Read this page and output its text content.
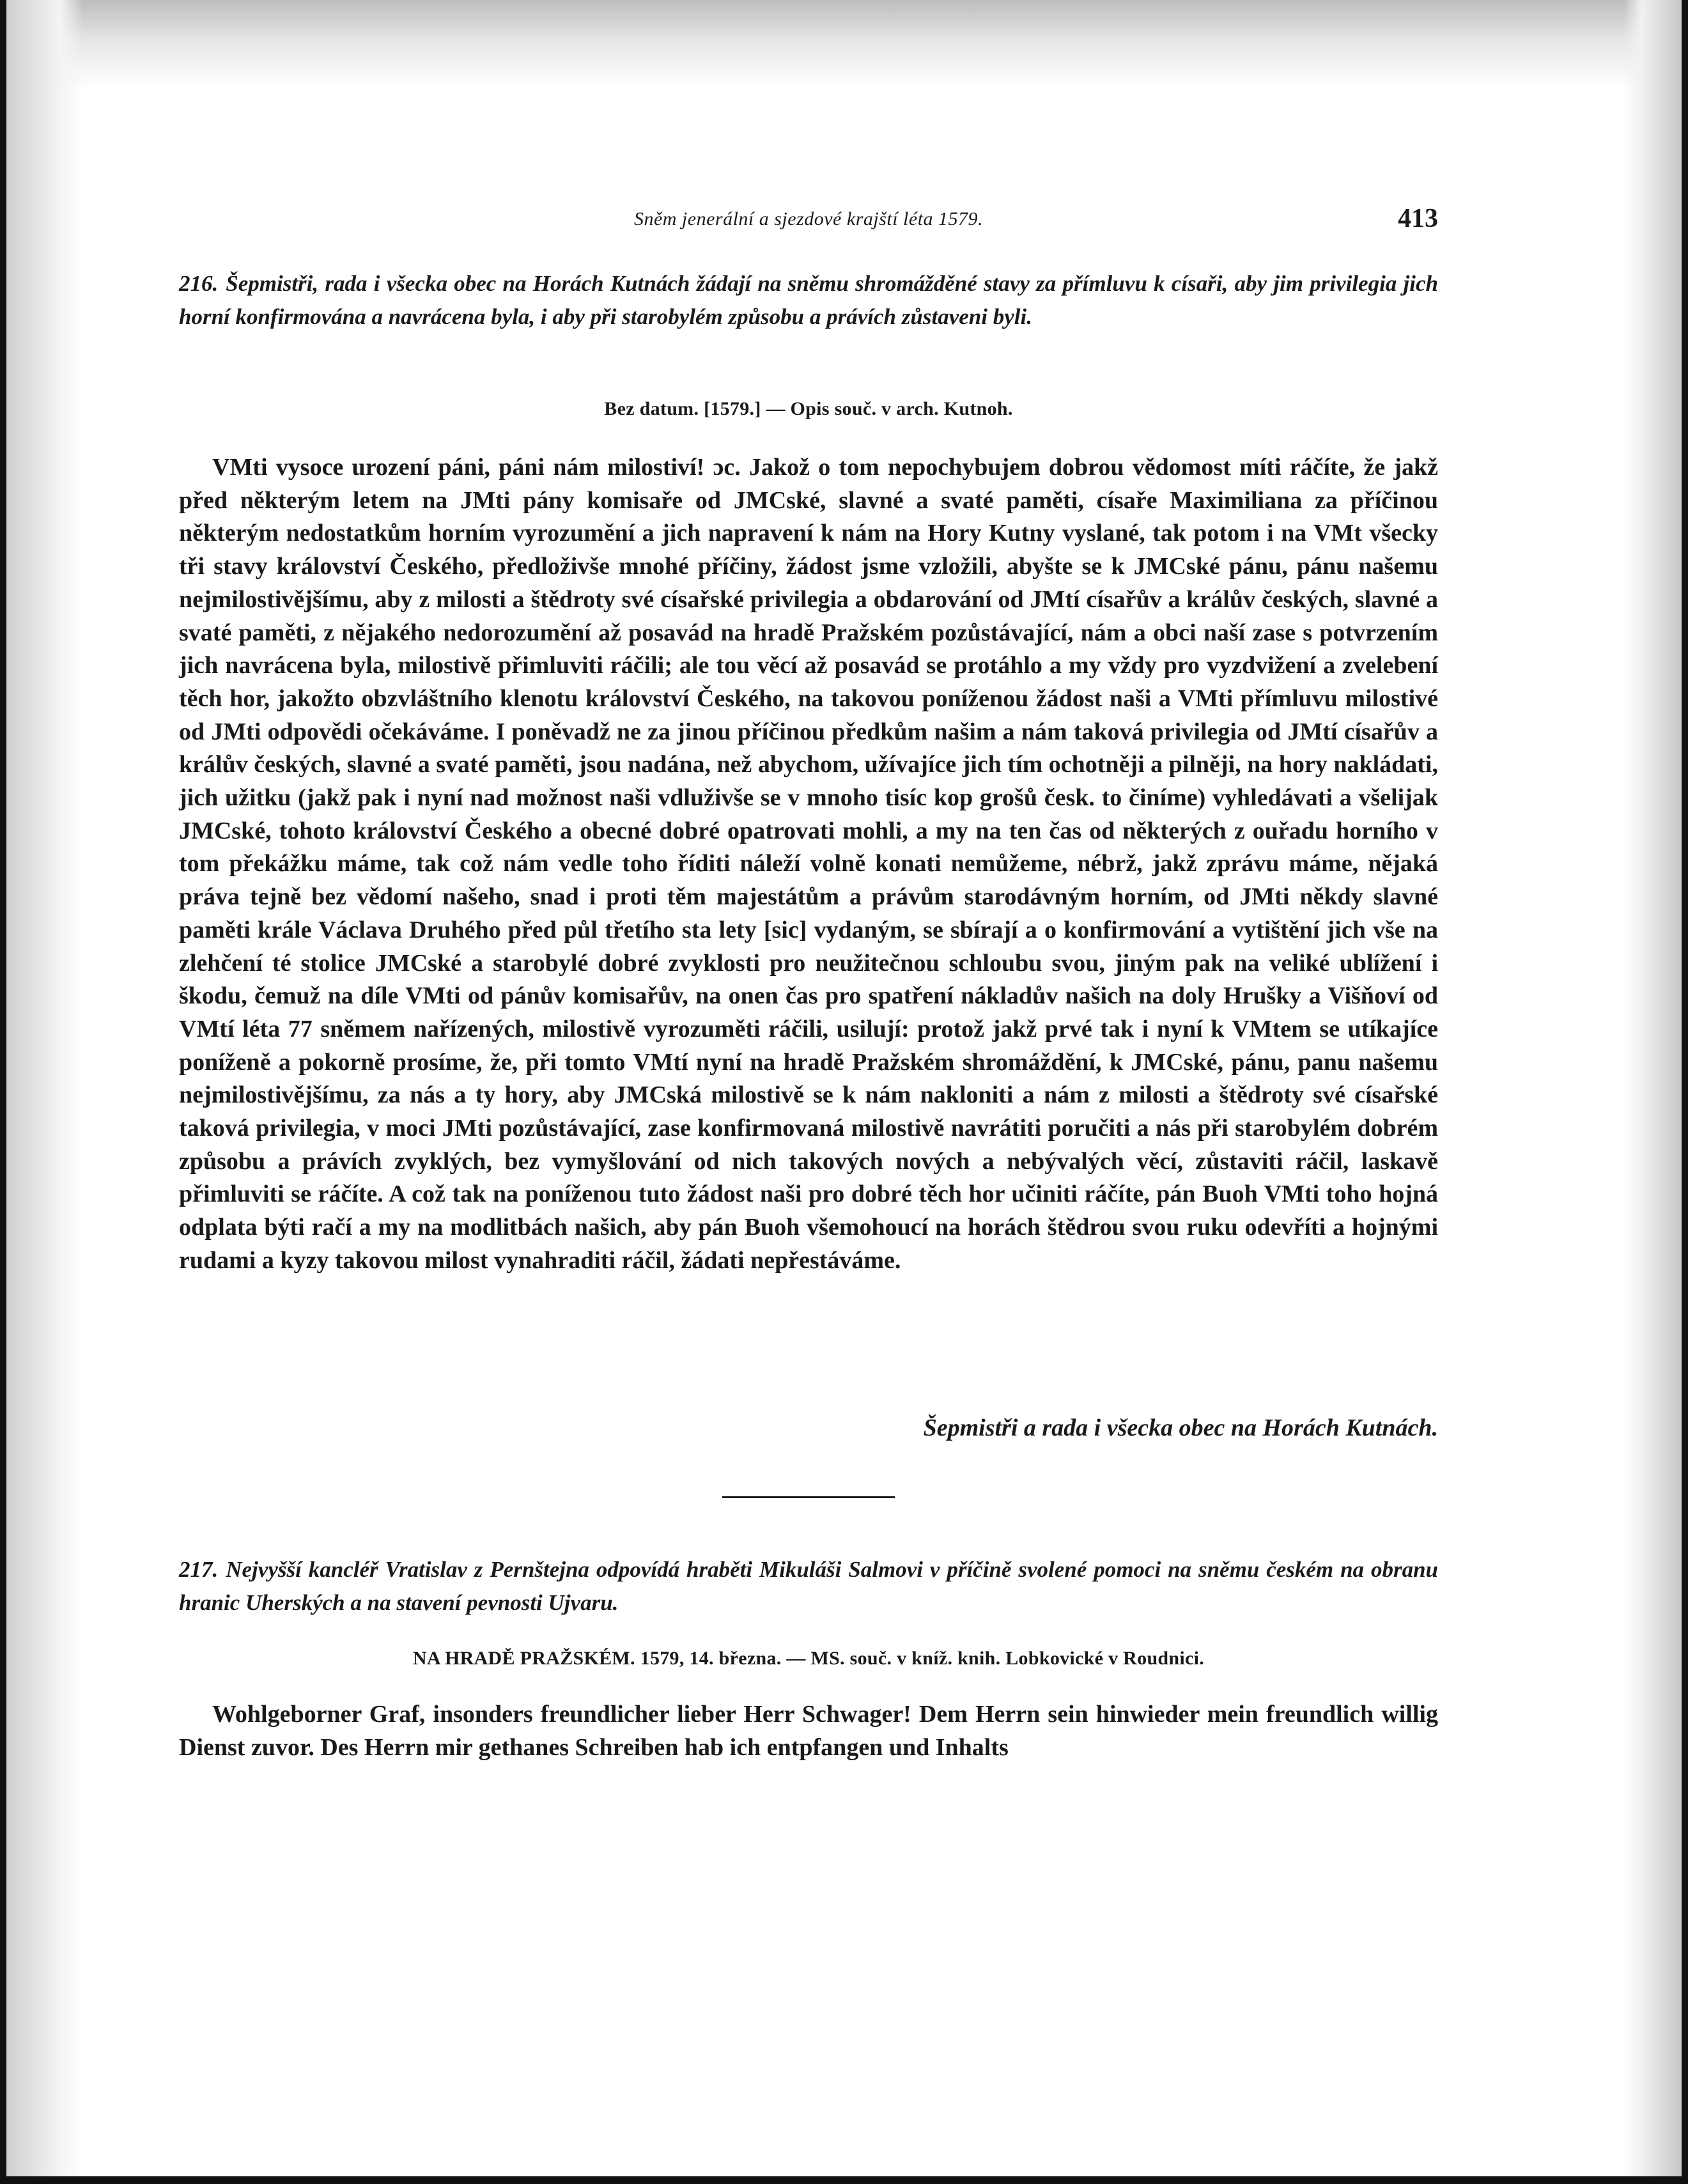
Sněm jenerální a sjezdové krajští léta 1579.	413

216. Šepmistři, rada i všecka obec na Horách Kutnách žádají na sněmu shromážděné stavy za přímluvu k císaři, aby jim privilegia jich horní konfirmována a navrácena byla, i aby při starobylém způsobu a právích zůstaveni byli.

Bez datum. [1579.] — Opis souč. v arch. Kutnoh.

VMti vysoce urození páni, páni nám milostiví! ɔc. Jakož o tom nepochybujem dobrou vědomost míti ráčíte, že jakž před některým letem na JMti pány komisaře od JMCské, slavné a svaté paměti, císaře Maximiliana za příčinou některým nedostatkům horním vyrozumění a jich napravení k nám na Hory Kutny vyslané, tak potom i na VMt všecky tři stavy království Českého, předloživše mnohé příčiny, žádost jsme vzložili, abyšte se k JMCské pánu, pánu našemu nejmilostivějšímu, aby z milosti a štědroty své císařské privilegia a obdarování od JMtí císařův a králův českých, slavné a svaté paměti, z nějakého nedorozumění až posavád na hradě Pražském pozůstávající, nám a obci naší zase s potvrzením jich navrácena byla, milostivě přimluviti ráčili; ale tou věcí až posavád se protáhlo a my vždy pro vyzdvižení a zvelebení těch hor, jakožto obzvláštního klenotu království Českého, na takovou poníženou žádost naši a VMti přímluvu milostivé od JMti odpovědi očekáváme. I poněvadž ne za jinou příčinou předkům našim a nám taková privilegia od JMtí císařův a králův českých, slavné a svaté paměti, jsou nadána, než abychom, užívajíce jich tím ochotněji a pilněji, na hory nakládati, jich užitku (jakž pak i nyní nad možnost naši vdluživše se v mnoho tisíc kop grošů česk. to činíme) vyhledávati a všelijak JMCské, tohoto království Českého a obecné dobré opatrovati mohli, a my na ten čas od některých z ouřadu horního v tom překážku máme, tak což nám vedle toho říditi náleží volně konati nemůžeme, nébrž, jakž zprávu máme, nějaká práva tejně bez vědomí našeho, snad i proti těm majestátům a právům starodávným horním, od JMti někdy slavné paměti krále Václava Druhého před půl třetího sta lety [sic] vydaným, se sbírají a o konfirmování a vytištění jich vše na zlehčení té stolice JMCské a starobylé dobré zvyklosti pro neužitečnou schloubu svou, jiným pak na veliké ublížení i škodu, čemuž na díle VMti od pánův komisařův, na onen čas pro spatření nákladův našich na doly Hrušky a Višňoví od VMtí léta 77 sněmem nařízených, milostivě vyrozuměti ráčili, usilují: protož jakž prvé tak i nyní k VMtem se utíkajíce poníženě a pokorně prosíme, že, při tomto VMtí nyní na hradě Pražském shromáždění, k JMCské, pánu, panu našemu nejmilostivějšímu, za nás a ty hory, aby JMCská milostivě se k nám nakloniti a nám z milosti a štědroty své císařské taková privilegia, v moci JMti pozůstávající, zase konfirmovaná milostivě navrátiti poručiti a nás při starobylém dobrém způsobu a právích zvyklých, bez vymyšlování od nich takových nových a nebývalých věcí, zůstaviti ráčil, laskavě přimluviti se ráčíte. A což tak na poníženou tuto žádost naši pro dobré těch hor učiniti ráčíte, pán Buoh VMti toho hojná odplata býti račí a my na modlitbách našich, aby pán Buoh všemohoucí na horách štědrou svou ruku odevříti a hojnými rudami a kyzy takovou milost vynahraditi ráčil, žádati nepřestáváme.

Šepmistři a rada i všecka obec na Horách Kutnách.

217. Nejvyšší kancléř Vratislav z Pernštejna odpovídá hraběti Mikuláši Salmovi v příčině svolené pomoci na sněmu českém na obranu hranic Uherských a na stavení pevnosti Ujvaru.

NA HRADĚ PRAŽSKÉM. 1579, 14. března. — MS. souč. v kníž. knih. Lobkovické v Roudnici.

Wohlgeborner Graf, insonders freundlicher lieber Herr Schwager! Dem Herrn sein hinwieder mein freundlich willig Dienst zuvor. Des Herrn mir gethanes Schreiben hab ich entpfangen und Inhalts
